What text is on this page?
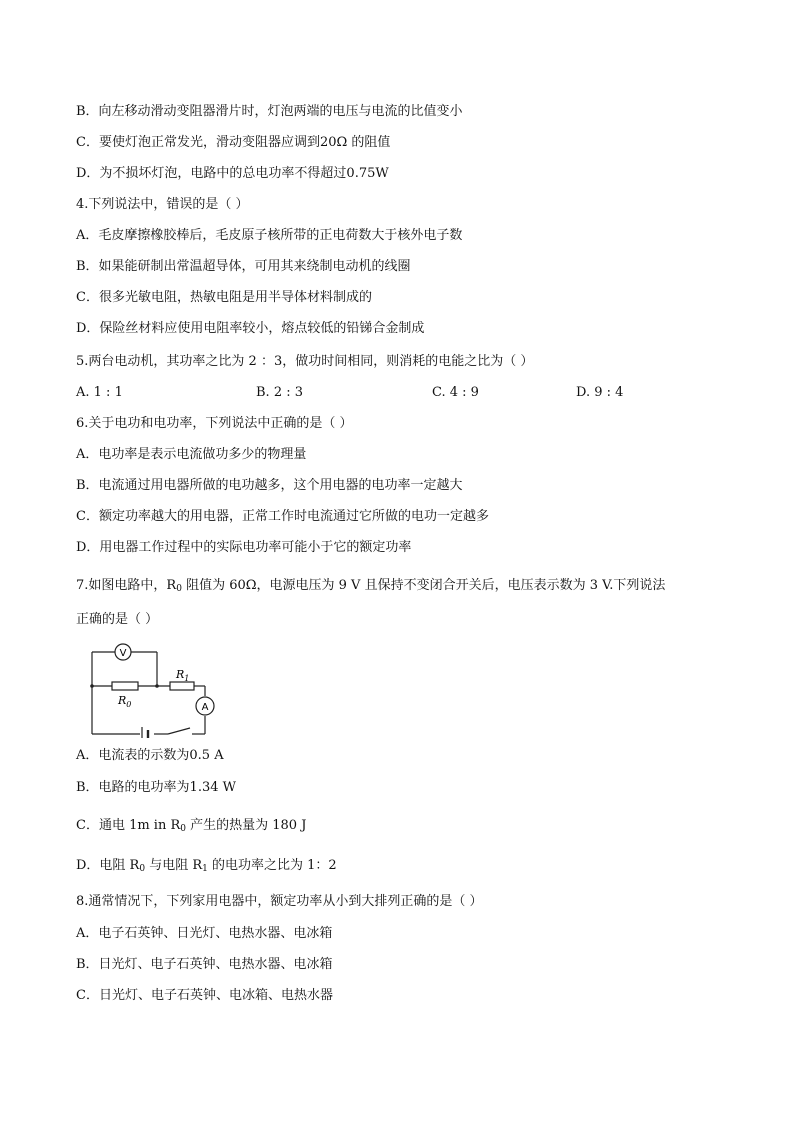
B．向左移动滑动变阻器滑片时，灯泡两端的电压与电流的比值变小
C．要使灯泡正常发光，滑动变阻器应调到20Ω 的阻值
D．为不损坏灯泡，电路中的总电功率不得超过0.75W
4.下列说法中，错误的是（ ）
A．毛皮摩擦橡胶棒后，毛皮原子核所带的正电荷数大于核外电子数
B．如果能研制出常温超导体，可用其来绕制电动机的线圈
C．很多光敏电阻，热敏电阻是用半导体材料制成的
D．保险丝材料应使用电阻率较小，熔点较低的铅锑合金制成
5.两台电动机，其功率之比为 2 ：3，做功时间相同，则消耗的电能之比为（ ）
A. 1 : 1	B. 2 : 3	C. 4 : 9	D. 9 : 4
6.关于电功和电功率，下列说法中正确的是（ ）
A．电功率是表示电流做功多少的物理量
B．电流通过用电器所做的电功越多，这个用电器的电功率一定越大
C．额定功率越大的用电器，正常工作时电流通过它所做的电功一定越多
D．用电器工作过程中的实际电功率可能小于它的额定功率
7.如图电路中，$R_0$ 阻值为 60Ω，电源电压为 9 V 且保持不变闭合开关后，电压表示数为 3 V.下列说法
正确的是（ ）
V
$R_0$
$R_1$
A
A．电流表的示数为0.5 A
B．电路的电功率为1.34 W
C．通电 1m in $R_0$ 产生的热量为 180 J
D．电阻 $R_0$ 与电阻 $R_1$ 的电功率之比为 1：2
8.通常情况下，下列家用电器中，额定功率从小到大排列正确的是（ ）
A．电子石英钟、日光灯、电热水器、电冰箱
B．日光灯、电子石英钟、电热水器、电冰箱
C．日光灯、电子石英钟、电冰箱、电热水器
